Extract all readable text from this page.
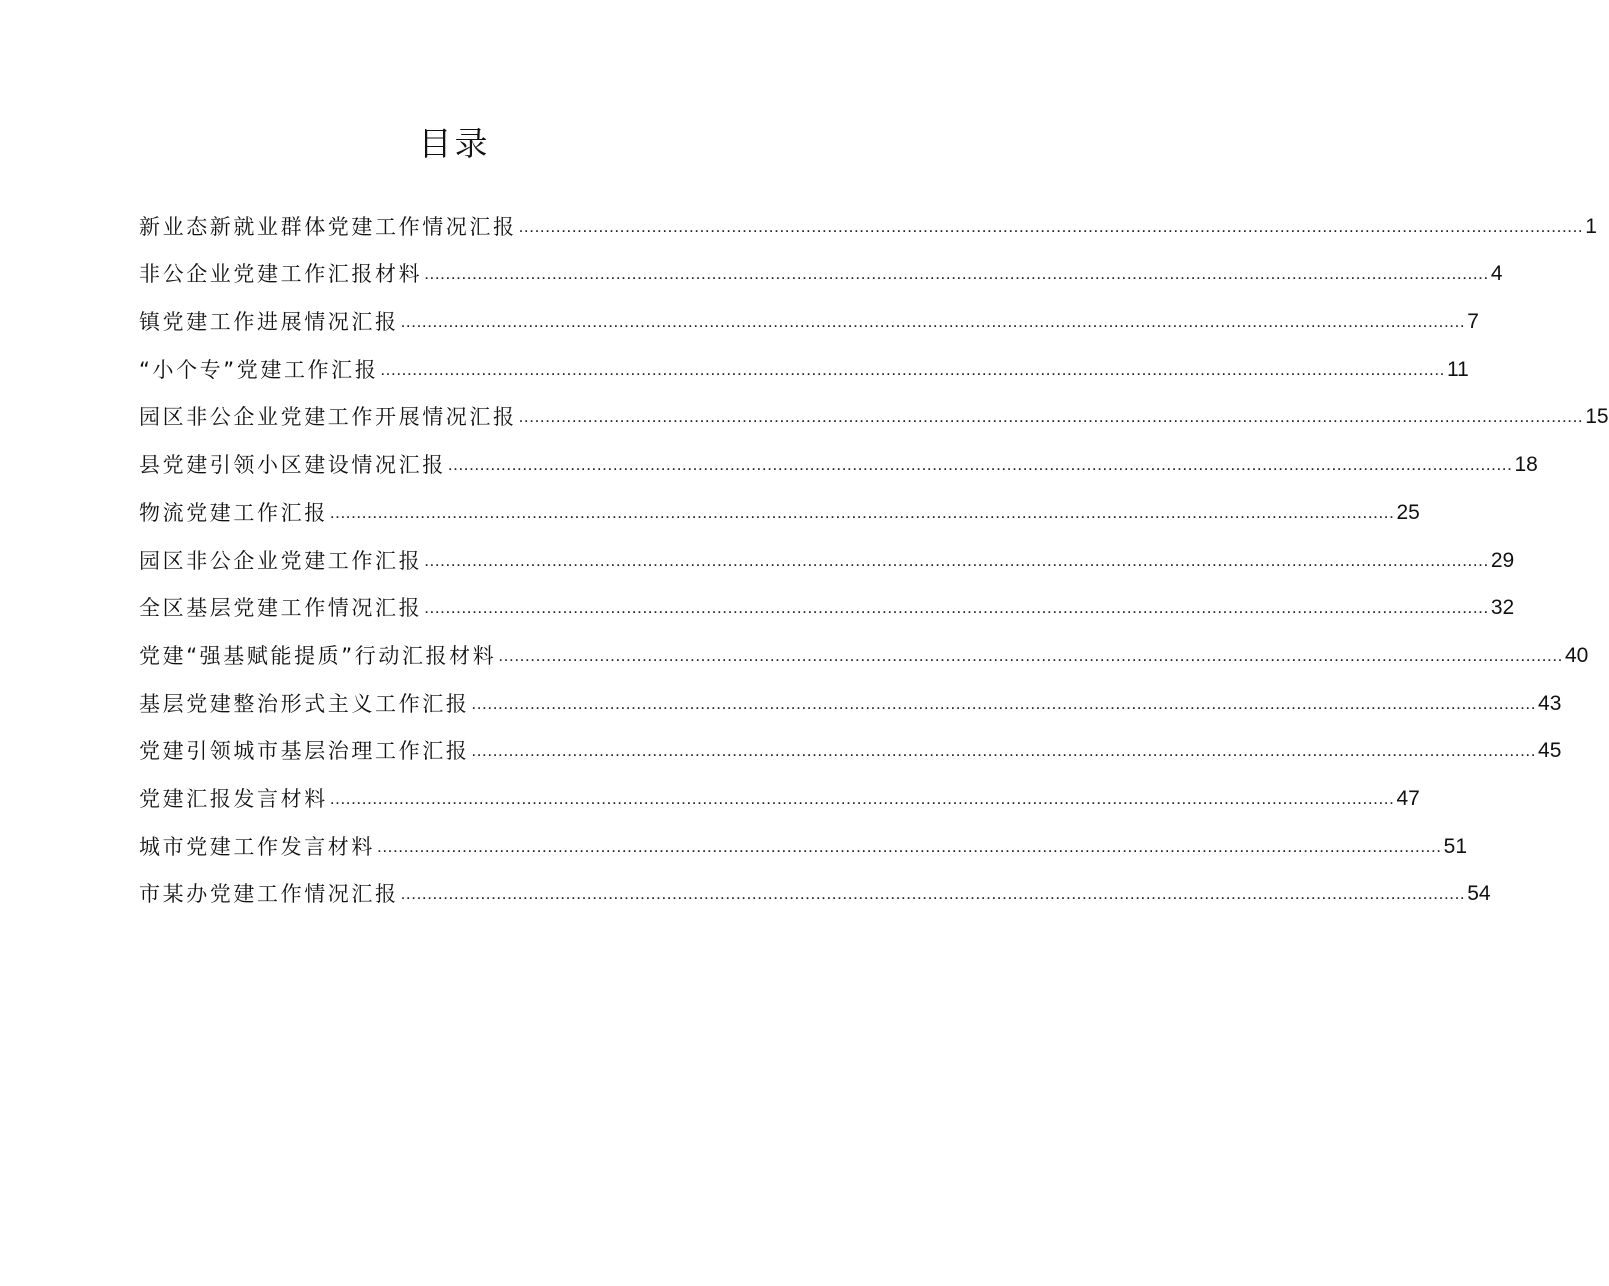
目录
新业态新就业群体党建工作情况汇报 ........................................................................................................................................................................................................ 1
非公企业党建工作汇报材料 ........................................................................................................................................................................................................ 4
镇党建工作进展情况汇报 ........................................................................................................................................................................................................ 7
“小个专”党建工作汇报 ........................................................................................................................................................................................................ 11
园区非公企业党建工作开展情况汇报 ........................................................................................................................................................................................................ 15
县党建引领小区建设情况汇报 ........................................................................................................................................................................................................ 18
物流党建工作汇报 ........................................................................................................................................................................................................ 25
园区非公企业党建工作汇报 ........................................................................................................................................................................................................ 29
全区基层党建工作情况汇报 ........................................................................................................................................................................................................ 32
党建“强基赋能提质”行动汇报材料 ........................................................................................................................................................................................................ 40
基层党建整治形式主义工作汇报 ........................................................................................................................................................................................................ 43
党建引领城市基层治理工作汇报 ........................................................................................................................................................................................................ 45
党建汇报发言材料 ........................................................................................................................................................................................................ 47
城市党建工作发言材料 ........................................................................................................................................................................................................ 51
市某办党建工作情况汇报 ........................................................................................................................................................................................................ 54
